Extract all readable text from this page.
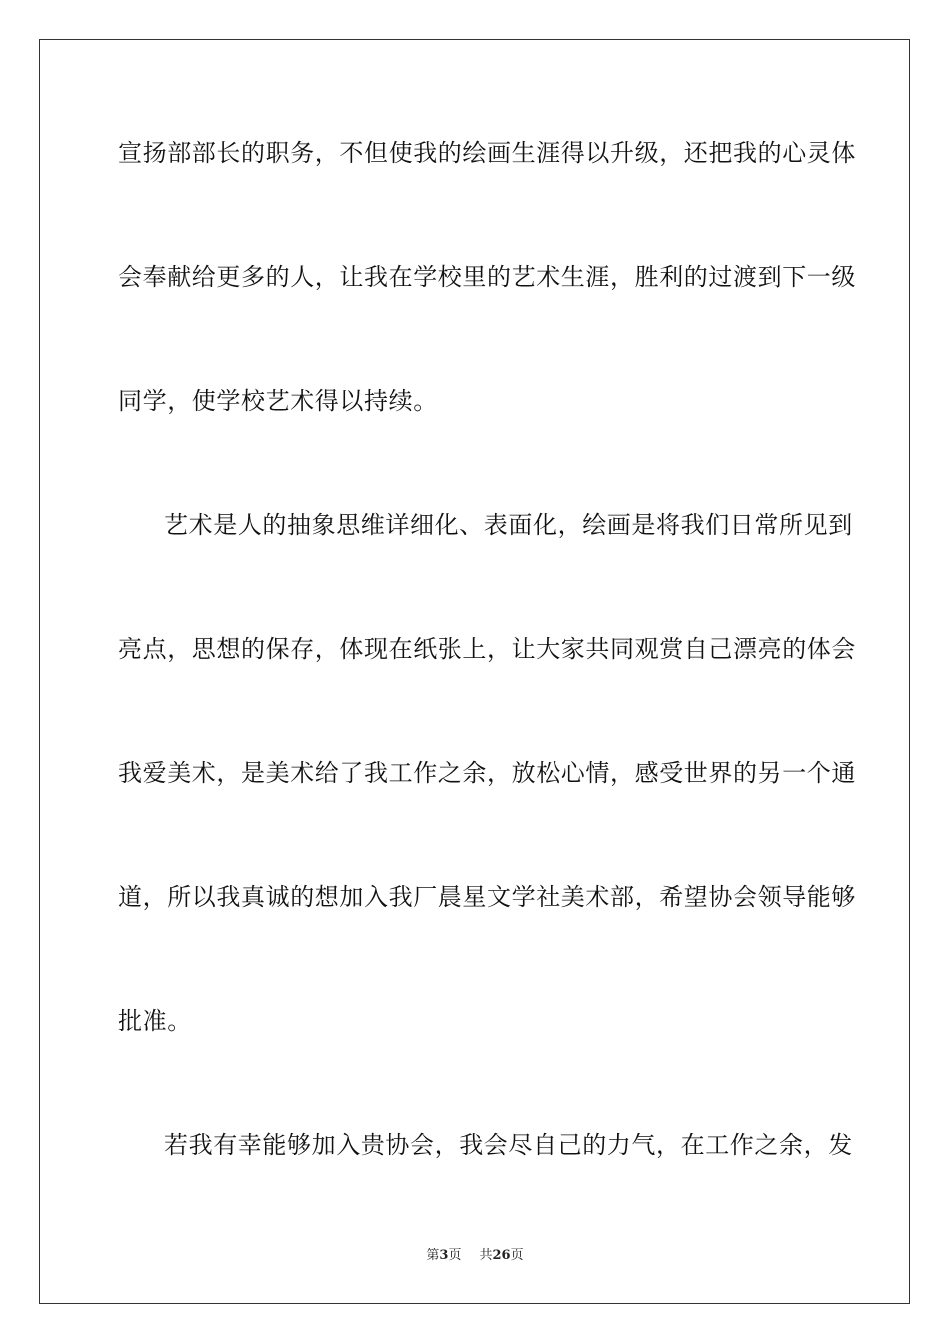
宣扬部部长的职务，不但使我的绘画生涯得以升级，还把我的心灵体
会奉献给更多的人，让我在学校里的艺术生涯，胜利的过渡到下一级
同学，使学校艺术得以持续。
艺术是人的抽象思维详细化、表面化，绘画是将我们日常所见到
亮点，思想的保存，体现在纸张上，让大家共同观赏自己漂亮的体会
我爱美术，是美术给了我工作之余，放松心情，感受世界的另一个通
道，所以我真诚的想加入我厂晨星文学社美术部，希望协会领导能够
批准。
若我有幸能够加入贵协会，我会尽自己的力气，在工作之余，发
第3页 共26页
